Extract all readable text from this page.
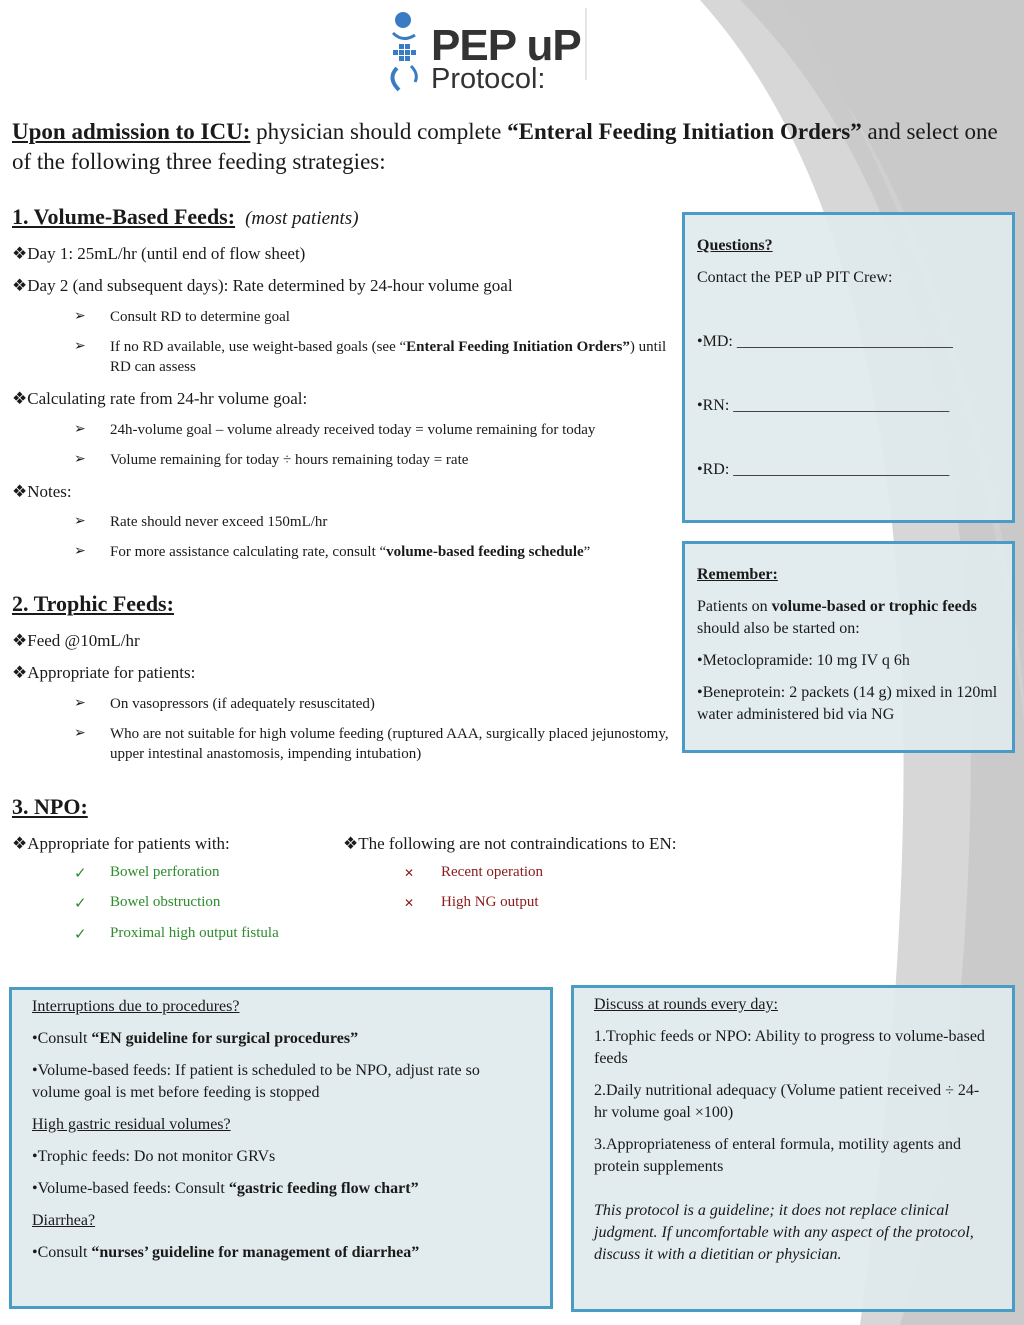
PEP uP
Protocol:
Upon admission to ICU: physician should complete “Enteral Feeding Initiation Orders” and select one of the following three feeding strategies:
1. Volume-Based Feeds: (most patients)
❖ Day 1: 25mL/hr (until end of flow sheet)
❖ Day 2 (and subsequent days): Rate determined by 24-hour volume goal
➢ Consult RD to determine goal
➢ If no RD available, use weight-based goals (see “Enteral Feeding Initiation Orders”) until RD can assess
❖ Calculating rate from 24-hr volume goal:
➢ 24h-volume goal – volume already received today = volume remaining for today
➢ Volume remaining for today ÷ hours remaining today = rate
❖ Notes:
➢ Rate should never exceed 150mL/hr
➢ For more assistance calculating rate, consult “volume-based feeding schedule”
2. Trophic Feeds:
❖ Feed @10mL/hr
❖ Appropriate for patients:
➢ On vasopressors (if adequately resuscitated)
➢ Who are not suitable for high volume feeding (ruptured AAA, surgically placed jejunostomy, upper intestinal anastomosis, impending intubation)
3. NPO:
❖ Appropriate for patients with:
❖	The following are not contraindications to EN:
✓ Bowel perforation
✓ Bowel obstruction
✓ Proximal high output fistula
✕ Recent operation
✕ High NG output

Questions?

Contact the PEP uP PIT Crew:

•MD: ___________________________

•RN: ___________________________

•RD: ___________________________

Remember:

Patients on volume-based or trophic feeds should also be started on:

•Metoclopramide: 10 mg IV q 6h

•Beneprotein: 2 packets (14 g) mixed in 120ml water administered bid via NG

Interruptions due to procedures?

•Consult “EN guideline for surgical procedures”

•Volume-based feeds: If patient is scheduled to be NPO, adjust rate so volume goal is met before feeding is stopped

High gastric residual volumes?

•Trophic feeds: Do not monitor GRVs

•Volume-based feeds: Consult “gastric feeding flow chart”

Diarrhea?

•Consult “nurses’ guideline for management of diarrhea”

Discuss at rounds every day:

1.Trophic feeds or NPO: Ability to progress to volume-based feeds

2.Daily nutritional adequacy (Volume patient received ÷ 24-hr volume goal ×100)

3.Appropriateness of enteral formula, motility agents and protein supplements

This protocol is a guideline; it does not replace clinical judgment. If uncomfortable with any aspect of the protocol, discuss it with a dietitian or physician.
